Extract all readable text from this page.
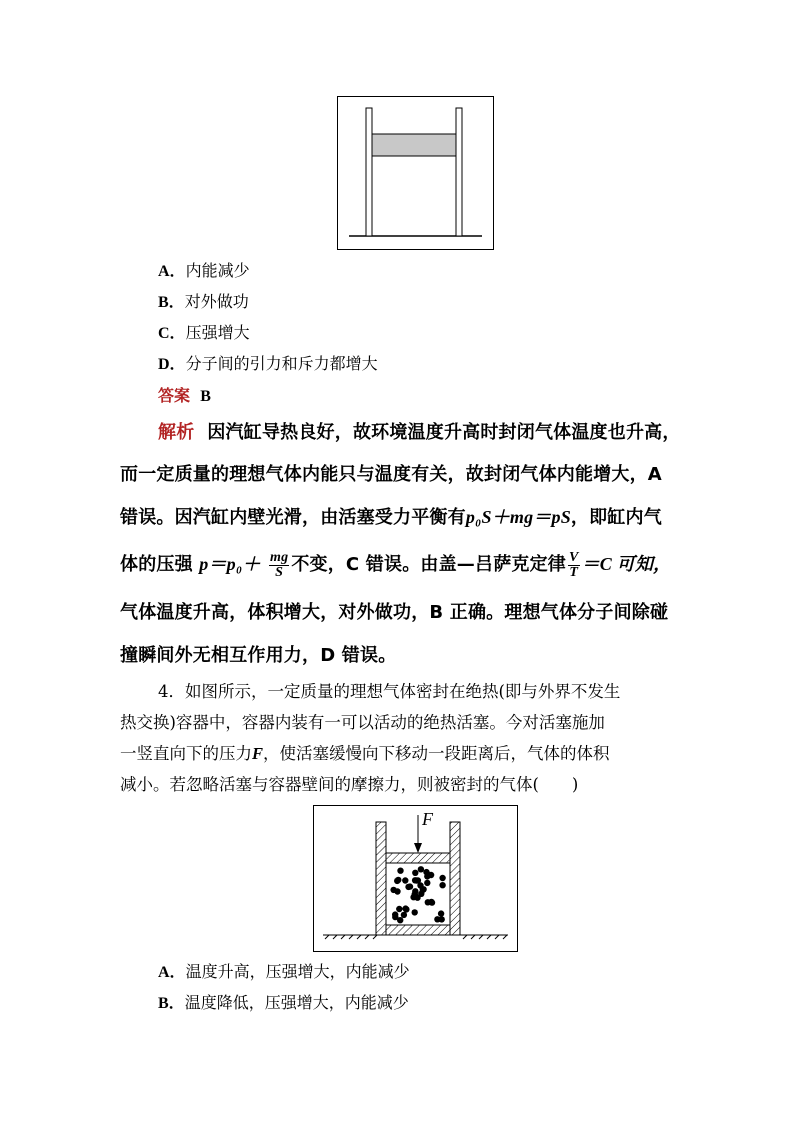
A．内能减少
B．对外做功
C．压强增大
D．分子间的引力和斥力都增大
答案 B
解析 因汽缸导热良好，故环境温度升高时封闭气体温度也升高，
而一定质量的理想气体内能只与温度有关，故封闭气体内能增大，A
错误。因汽缸内壁光滑，由活塞受力平衡有p₀S＋mg＝pS，即缸内气
体的压强 $p=p_0+ \frac{mg}{S}$ 不变，C 错误。由盖—吕萨克定律 $\frac{V}{T} =C$ 可知，
气体温度升高，体积增大，对外做功，B 正确。理想气体分子间除碰
撞瞬间外无相互作用力，D 错误。
4．如图所示，一定质量的理想气体密封在绝热(即与外界不发生
热交换)容器中，容器内装有一可以活动的绝热活塞。今对活塞施加
一竖直向下的压力F，使活塞缓慢向下移动一段距离后，气体的体积
减小。若忽略活塞与容器壁间的摩擦力，则被密封的气体(　　)
F
A．温度升高，压强增大，内能减少
B．温度降低，压强增大，内能减少
